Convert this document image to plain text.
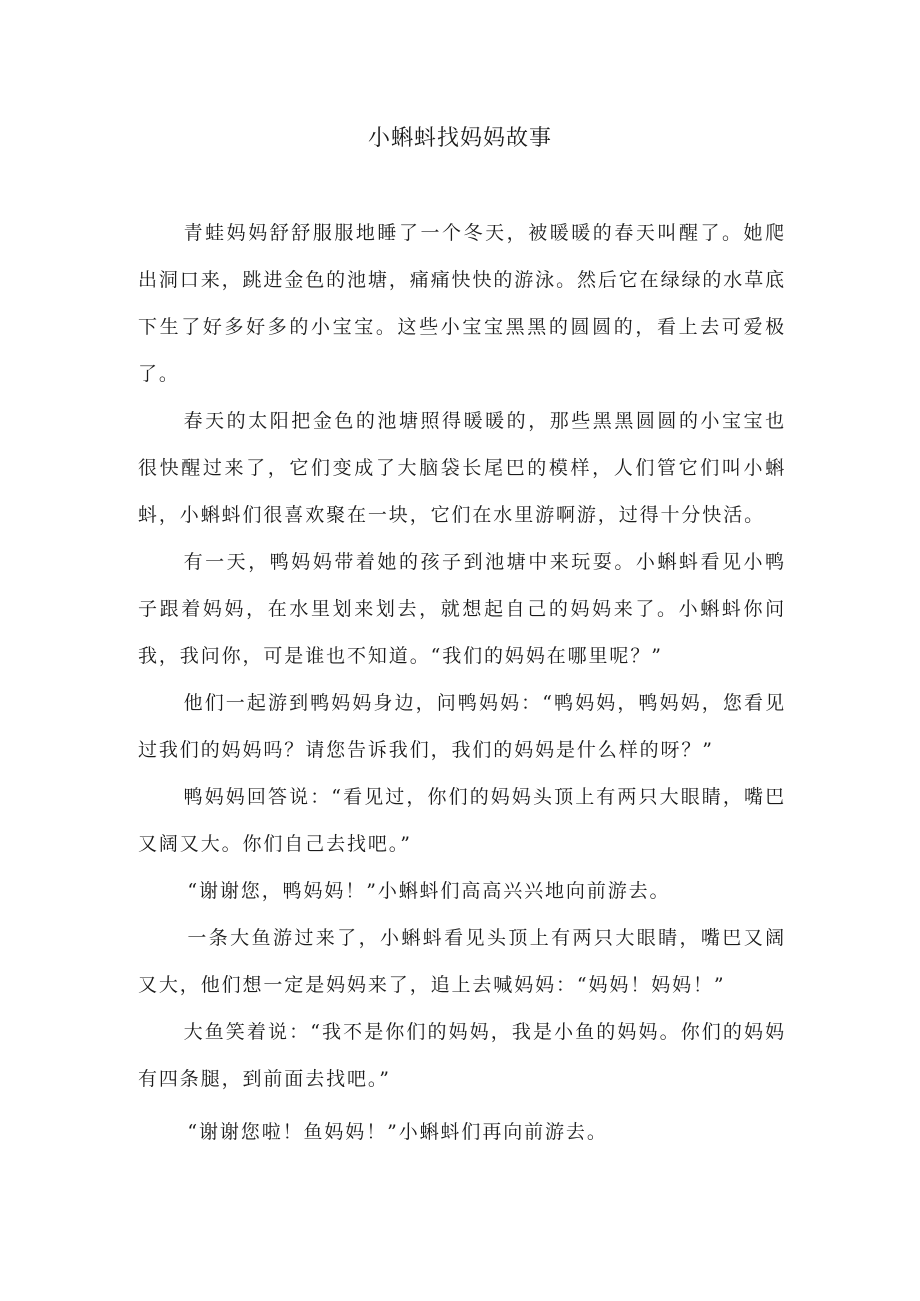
小蝌蚪找妈妈故事

青蛙妈妈舒舒服服地睡了一个冬天，被暖暖的春天叫醒了。她爬出洞口来，跳进金色的池塘，痛痛快快的游泳。然后它在绿绿的水草底下生了好多好多的小宝宝。这些小宝宝黑黑的圆圆的，看上去可爱极了。

春天的太阳把金色的池塘照得暖暖的，那些黑黑圆圆的小宝宝也很快醒过来了，它们变成了大脑袋长尾巴的模样，人们管它们叫小蝌蚪，小蝌蚪们很喜欢聚在一块，它们在水里游啊游，过得十分快活。

有一天，鸭妈妈带着她的孩子到池塘中来玩耍。小蝌蚪看见小鸭子跟着妈妈，在水里划来划去，就想起自己的妈妈来了。小蝌蚪你问我，我问你，可是谁也不知道。“我们的妈妈在哪里呢？”

他们一起游到鸭妈妈身边，问鸭妈妈：“鸭妈妈，鸭妈妈，您看见过我们的妈妈吗？请您告诉我们，我们的妈妈是什么样的呀？”

鸭妈妈回答说：“看见过，你们的妈妈头顶上有两只大眼睛，嘴巴又阔又大。你们自己去找吧。”

“谢谢您，鸭妈妈！”小蝌蚪们高高兴兴地向前游去。

一条大鱼游过来了，小蝌蚪看见头顶上有两只大眼睛，嘴巴又阔又大，他们想一定是妈妈来了，追上去喊妈妈：“妈妈！妈妈！”

大鱼笑着说：“我不是你们的妈妈，我是小鱼的妈妈。你们的妈妈有四条腿，到前面去找吧。”

“谢谢您啦！鱼妈妈！”小蝌蚪们再向前游去。
